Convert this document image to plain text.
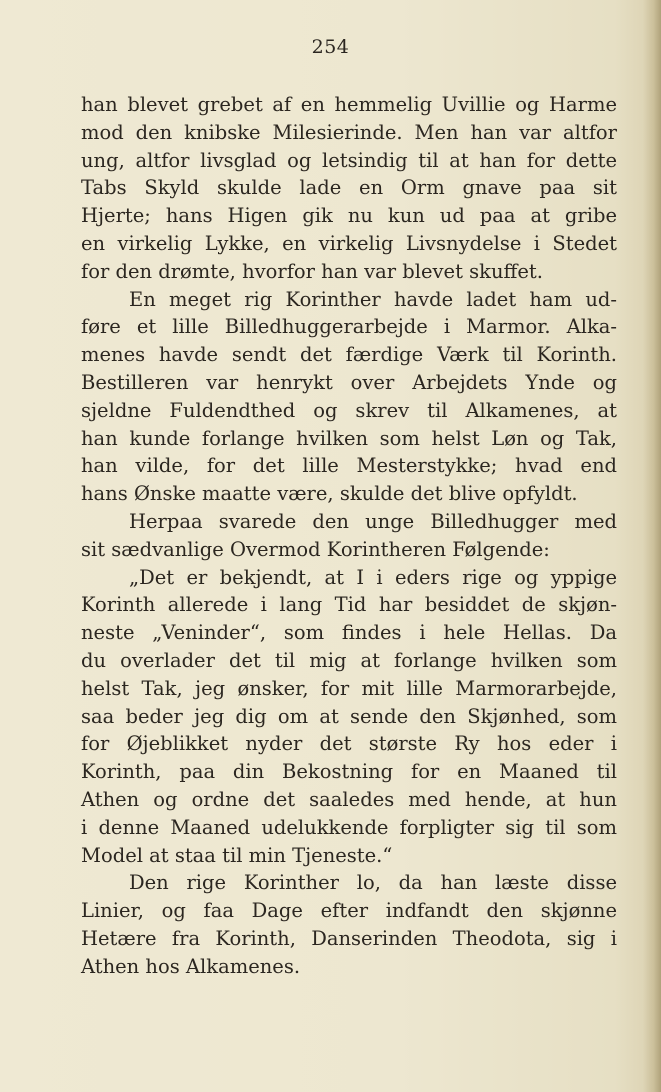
254
han blevet grebet af en hemmelig Uvillie og Harme
mod den knibske Milesierinde. Men han var altfor
ung, altfor livsglad og letsindig til at han for dette
Tabs Skyld skulde lade en Orm gnave paa sit
Hjerte; hans Higen gik nu kun ud paa at gribe
en virkelig Lykke, en virkelig Livsnydelse i Stedet
for den drømte, hvorfor han var blevet skuffet.
En meget rig Korinther havde ladet ham ud-
føre et lille Billedhuggerarbejde i Marmor. Alka-
menes havde sendt det færdige Værk til Korinth.
Bestilleren var henrykt over Arbejdets Ynde og
sjeldne Fuldendthed og skrev til Alkamenes, at
han kunde forlange hvilken som helst Løn og Tak,
han vilde, for det lille Mesterstykke; hvad end
hans Ønske maatte være, skulde det blive opfyldt.
Herpaa svarede den unge Billedhugger med
sit sædvanlige Overmod Korintheren Følgende:
„Det er bekjendt, at I i eders rige og yppige
Korinth allerede i lang Tid har besiddet de skjøn-
neste „Veninder“, som findes i hele Hellas. Da
du overlader det til mig at forlange hvilken som
helst Tak, jeg ønsker, for mit lille Marmorarbejde,
saa beder jeg dig om at sende den Skjønhed, som
for Øjeblikket nyder det største Ry hos eder i
Korinth, paa din Bekostning for en Maaned til
Athen og ordne det saaledes med hende, at hun
i denne Maaned udelukkende forpligter sig til som
Model at staa til min Tjeneste.“
Den rige Korinther lo, da han læste disse
Linier, og faa Dage efter indfandt den skjønne
Hetære fra Korinth, Danserinden Theodota, sig i
Athen hos Alkamenes.
